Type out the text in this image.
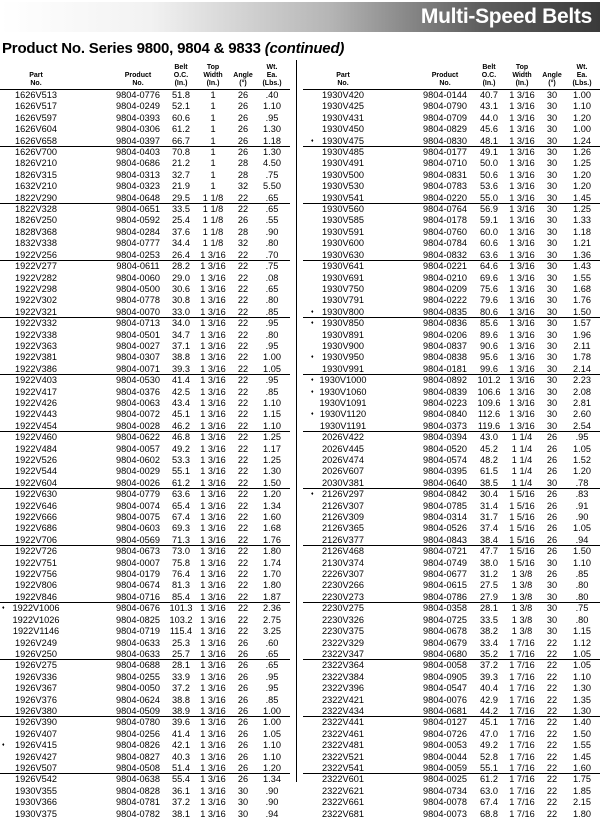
Multi-Speed Belts
Product No. Series 9800, 9804 & 9833 (continued)
Part
No.
Product
No.
Belt
O.C.
(In.)
Top
Width
(In.)
Angle
(°)
Wt.
Ea.
(Lbs.)
1626V513	9804-0776	51.8	1	26	.40
1626V517	9804-0249	52.1	1	26	1.10
1626V597	9804-0393	60.6	1	26	.95
1626V604	9804-0306	61.2	1	26	1.30
1626V658	9804-0397	66.7	1	26	1.18
1626V700	9804-0403	70.8	1	26	1.30
1826V210	9804-0686	21.2	1	28	4.50
1826V315	9804-0313	32.7	1	28	.75
1632V210	9804-0323	21.9	1	32	5.50
1822V290	9804-0648	29.5	1 1/8	22	.65
1822V328	9804-0651	33.5	1 1/8	22	.65
1826V250	9804-0592	25.4	1 1/8	26	.55
1828V368	9804-0284	37.6	1 1/8	28	.90
1832V338	9804-0777	34.4	1 1/8	32	.80
1922V256	9804-0253	26.4	1 3/16	22	.70
1922V277	9804-0611	28.2	1 3/16	22	.75
1922V282	9804-0060	29.0	1 3/16	22	.08
1922V298	9804-0500	30.6	1 3/16	22	.65
1922V302	9804-0778	30.8	1 3/16	22	.80
1922V321	9804-0070	33.0	1 3/16	22	.85
1922V332	9804-0713	34.0	1 3/16	22	.95
1922V338	9804-0501	34.7	1 3/16	22	.80
1922V363	9804-0027	37.1	1 3/16	22	.95
1922V381	9804-0307	38.8	1 3/16	22	1.00
1922V386	9804-0071	39.3	1 3/16	22	1.05
1922V403	9804-0530	41.4	1 3/16	22	.95
1922V417	9804-0376	42.5	1 3/16	22	.85
1922V426	9804-0063	43.4	1 3/16	22	1.10
1922V443	9804-0072	45.1	1 3/16	22	1.15
1922V454	9804-0028	46.2	1 3/16	22	1.10
1922V460	9804-0622	46.8	1 3/16	22	1.25
1922V484	9804-0057	49.2	1 3/16	22	1.17
1922V526	9804-0602	53.3	1 3/16	22	1.25
1922V544	9804-0029	55.1	1 3/16	22	1.30
1922V604	9804-0026	61.2	1 3/16	22	1.50
1922V630	9804-0779	63.6	1 3/16	22	1.20
1922V646	9804-0074	65.4	1 3/16	22	1.34
1922V666	9804-0075	67.4	1 3/16	22	1.60
1922V686	9804-0603	69.3	1 3/16	22	1.68
1922V706	9804-0569	71.3	1 3/16	22	1.76
1922V726	9804-0673	73.0	1 3/16	22	1.80
1922V751	9804-0007	75.8	1 3/16	22	1.74
1922V756	9804-0179	76.4	1 3/16	22	1.70
1922V806	9804-0674	81.3	1 3/16	22	1.80
1922V846	9804-0716	85.4	1 3/16	22	1.87
1922V1006	9804-0676	101.3 1 3/16	22	2.36
♦
1922V1026	9804-0825	103.2 1 3/16	22	2.75
1922V1146	9804-0719	115.4 1 3/16	22	3.25
1926V249	9804-0633	25.3	1 3/16	26	.60
1926V250	9804-0633	25.7	1 3/16	26	.65
1926V275	9804-0688	28.1	1 3/16	26	.65
1926V336	9804-0255	33.9	1 3/16	26	.95
1926V367	9804-0050	37.2	1 3/16	26	.95
1926V376	9804-0624	38.8	1 3/16	26	.85
1926V380	9804-0509	38.9	1 3/16	26	1.00
1926V390	9804-0780	39.6	1 3/16	26	1.00
1926V407	9804-0256	41.4	1 3/16	26	1.05
1926V415	9804-0826	42.1	1 3/16	26	1.10
♦
1926V427	9804-0827	40.3	1 3/16	26	1.10
1926V507	9804-0508	51.4	1 3/16	26	1.20
1926V542	9804-0638	55.4	1 3/16	26	1.34
1930V355	9804-0828	36.1	1 3/16	30	.90
1930V366	9804-0781	37.2	1 3/16	30	.90
1930V375	9804-0782	38.1	1 3/16	30	.94
Part
No.
Product
No.
Belt
O.C.
(In.)
Top
Width
(In.)
Angle
(°)
Wt.
Ea.
(Lbs.)
1930V420	9804-0144	40.7	1 3/16	30	1.00
1930V425	9804-0790	43.1	1 3/16	30	1.10
1930V431	9804-0709	44.0	1 3/16	30	1.20
1930V450	9804-0829	45.6	1 3/16	30	1.00
1930V475	9804-0830	48.1	1 3/16	30	1.24
♦
1930V485	9804-0177	49.1	1 3/16	30	1.26
1930V491	9804-0710	50.0	1 3/16	30	1.25
1930V500	9804-0831	50.6	1 3/16	30	1.20
1930V530	9804-0783	53.6	1 3/16	30	1.20
1930V541	9804-0220	55.0	1 3/16	30	1.45
1930V560	9804-0764	56.9	1 3/16	30	1.25
1930V585	9804-0178	59.1	1 3/16	30	1.33
1930V591	9804-0760	60.0	1 3/16	30	1.18
1930V600	9804-0784	60.6	1 3/16	30	1.21
1930V630	9804-0832	63.6	1 3/16	30	1.36
1930V641	9804-0221	64.6	1 3/16	30	1.43
1930V691	9804-0210	69.6	1 3/16	30	1.55
1930V750	9804-0209	75.6	1 3/16	30	1.68
1930V791	9804-0222	79.6	1 3/16	30	1.76
1930V800	9804-0835	80.6	1 3/16	30	1.50
♦
1930V850	9804-0836	85.6	1 3/16	30	1.57
♦
1930V891	9804-0206	89.6	1 3/16	30	1.96
1930V900	9804-0837	90.6	1 3/16	30	2.11
1930V950	9804-0838	95.6	1 3/16	30	1.78
♦
1930V991	9804-0181	99.6	1 3/16	30	2.14
1930V1000	9804-0892	101.2 1 3/16	30	2.23
♦
1930V1060	9804-0839	106.6 1 3/16	30	2.08
♦
1930V1091	9804-0223	109.6 1 3/16	30	2.81
1930V1120	9804-0840	112.6 1 3/16	30	2.60
♦
1930V1191	9804-0373	119.6 1 3/16	30	2.54
2026V422	9804-0394	43.0	1 1/4	26	.95
2026V445	9804-0520	45.2	1 1/4	26	1.05
2026V474	9804-0574	48.2	1 1/4	26	1.52
2026V607	9804-0395	61.5	1 1/4	26	1.20
2030V381	9804-0640	38.5	1 1/4	30	.78
2126V297	9804-0842	30.4	1 5/16	26	.83
♦
2126V307	9804-0785	31.4	1 5/16	26	.91
2126V309	9804-0314	31.7	1 5/16	26	.90
2126V365	9804-0526	37.4	1 5/16	26	1.05
2126V377	9804-0843	38.4	1 5/16	26	.94
2126V468	9804-0721	47.7	1 5/16	26	1.50
2130V374	9804-0749	38.0	1 5/16	30	1.10
2226V307	9804-0677	31.2	1 3/8	26	.85
2230V266	9804-0615	27.5	1 3/8	30	.80
2230V273	9804-0786	27.9	1 3/8	30	.80
2230V275	9804-0358	28.1	1 3/8	30	.75
2230V326	9804-0725	33.5	1 3/8	30	.80
2230V375	9804-0678	38.2	1 3/8	30	1.15
2322V329	9804-0679	33.4	1 7/16	22	1.12
2322V347	9804-0680	35.2	1 7/16	22	1.05
2322V364	9804-0058	37.2	1 7/16	22	1.05
2322V384	9804-0905	39.3	1 7/16	22	1.10
2322V396	9804-0547	40.4	1 7/16	22	1.30
2322V421	9804-0076	42.9	1 7/16	22	1.35
2322V434	9804-0681	44.2	1 7/16	22	1.30
2322V441	9804-0127	45.1	1 7/16	22	1.40
2322V461	9804-0726	47.0	1 7/16	22	1.50
2322V481	9804-0053	49.2	1 7/16	22	1.55
2322V521	9804-0044	52.8	1 7/16	22	1.45
2322V541	9804-0059	55.1	1 7/16	22	1.60
2322V601	9804-0025	61.2	1 7/16	22	1.75
2322V621	9804-0734	63.0	1 7/16	22	1.85
2322V661	9804-0078	67.4	1 7/16	22	2.15
2322V681	9804-0073	68.8	1 7/16	22	1.80
